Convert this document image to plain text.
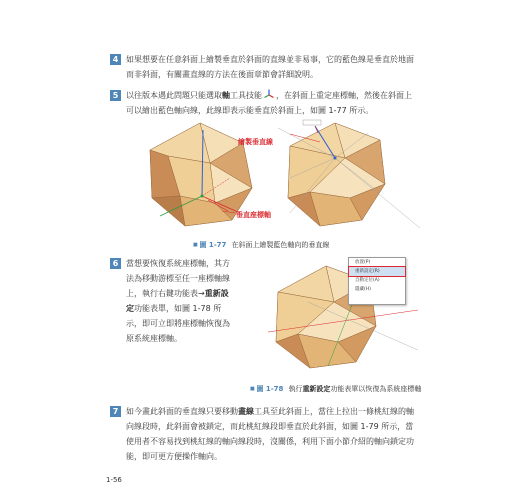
4 如果想要在任意斜面上繪製垂直於斜面的直線並非易事，它的藍色線是垂直於地面
而非斜面，有關畫直線的方法在後面章節會詳細說明。
5 以往版本遇此問題只能選取軸工具技能 ，在斜面上重定座標軸，然後在斜面上
可以繪出藍色軸向線，此線即表示能垂直於斜面上，如圖 1-77 所示。
繪製垂直線
垂直座標軸
■ 圖 1-77 在斜面上繪製藍色軸向的垂直線
6 當想要恢復系統座標軸，其方
法為移動游標至任一座標軸線
上，執行右鍵功能表→重新設
定功能表單，如圖 1-78 所
示，即可立即將座標軸恢復為
原系統座標軸。
放置(P)
重新設定(R)
自動定位(A)
隱藏(H)
■ 圖 1-78 執行重新設定功能表單以恢復為系統座標軸
7 如今畫此斜面的垂直線只要移動畫線工具至此斜面上，當往上拉出一條桃紅線的軸
向線段時，此斜面會被鎖定，而此桃紅線段即垂直於此斜面，如圖 1-79 所示，當
使用者不容易找到桃紅線的軸向線段時，沒關係，利用下面小節介紹的軸向鎖定功
能，即可更方便操作軸向。
1-56
